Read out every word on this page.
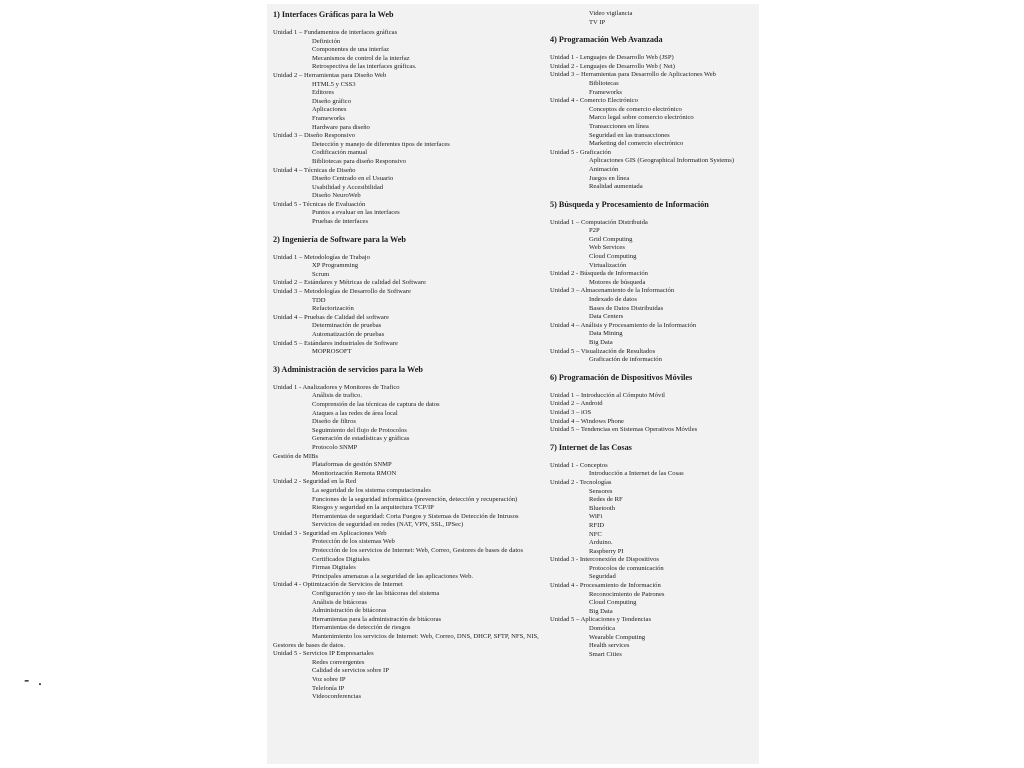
- .
1) Interfaces Gráficas para la Web
Unidad 1 – Fundamentos de interfaces gráficas
Definición
Componentes de una interfaz
Mecanismos de control de la interfaz
Retrospectiva de las interfaces gráficas.
Unidad 2 – Herramientas para Diseño Web
HTML5 y CSS3
Editores
Diseño gráfico
Aplicaciones
Frameworks
Hardware para diseño
Unidad 3 – Diseño Responsivo
Detección y manejo de diferentes tipos de interfaces
Codificación manual
Bibliotecas para diseño Responsivo
Unidad 4 – Técnicas de Diseño
Diseño Centrado en el Usuario
Usabilidad y Accesibilidad
Diseño NeuroWeb
Unidad 5 - Técnicas de Evaluación
Puntos a evaluar en las interfaces
Pruebas de interfaces
2) Ingeniería de Software para la Web
Unidad 1 – Metodologías de Trabajo
XP Programming
Scrum
Unidad 2 – Estándares y Métricas de calidad del Software
Unidad 3 – Metodologías de Desarrollo de Software
TDD
Refactorización
Unidad 4 – Pruebas de Calidad del software
Determinación de pruebas
Automatización de pruebas
Unidad 5 – Estándares industriales de Software
MOPROSOFT
3) Administración de servicios para la Web
Unidad 1 - Analizadores y Monitores de Trafico
Análisis de trafico.
Comprensión de las técnicas de captura de datos
Ataques a las redes de área local
Diseño de filtros
Seguimiento del flujo de Protocolos
Generación de estadísticas y gráficas
Protocolo SNMP
Gestión de MIBs
Plataformas de gestión SNMP
Monitorización Remota RMON
Unidad 2 - Seguridad en la Red
La seguridad de los sistema computacionales
Funciones de la seguridad informática (prevención, detección y recuperación)
Riesgos y seguridad en la arquitectura TCP/IP
Herramientas de seguridad: Corta Fuegos y Sistemas de Detección de Intrusos
Servicios de seguridad en redes (NAT, VPN, SSL, IPSec)
Unidad 3 - Seguridad en Aplicaciones Web
Protección de los sistemas Web
Protección de los servicios de Internet: Web, Correo, Gestores de bases de datos
Certificados Digitales
Firmas Digitales
Principales amenazas a la seguridad de las aplicaciones Web.
Unidad 4 - Optimización de Servicios de Internet
Configuración y uso de las bitácoras del sistema
Análisis de bitácoras
Administración de bitácoras
Herramientas para la administración de bitácoras
Herramientas de detección de riesgos
Mantenimiento los servicios de Internet: Web, Correo, DNS, DHCP, SFTP, NFS, NIS, Gestores de bases de datos.
Unidad 5 - Servicios IP Empresariales
Redes convergentes
Calidad de servicios sobre IP
Voz sobre IP
Telefonía IP
Videoconferencias
Video vigilancia
TV IP
4) Programación Web Avanzada
Unidad 1 - Lenguajes de Desarrollo Web (JSP)
Unidad 2 - Lenguajes de Desarrollo Web ( Net)
Unidad 3 – Herramientas para Desarrollo de Aplicaciones Web
Bibliotecas
Frameworks
Unidad 4 - Comercio Electrónico
Conceptos de comercio electrónico
Marco legal sobre comercio electrónico
Transacciones en línea
Seguridad en las transacciones
Marketing del comercio electrónico
Unidad 5 - Graficación
Aplicaciones GIS (Geographical Information Systems)
Animación
Juegos en línea
Realidad aumentada
5) Búsqueda y Procesamiento de Información
Unidad 1 – Computación Distribuida
P2P
Grid Computing
Web Services
Cloud Computing
Virtualización
Unidad 2 - Búsqueda de Información
Motores de búsqueda
Unidad 3 – Almacenamiento de la Información
Indexado de datos
Bases de Datos Distribuidas
Data Centers
Unidad 4 – Análisis y Procesamiento de la Información
Data Mining
Big Data
Unidad 5 – Visualización de Resultados
Graficación de información
6) Programación de Dispositivos Móviles
Unidad 1 – Introducción al Cómputo Móvil
Unidad 2 – Android
Unidad 3 – iOS
Unidad 4 – Windows Phone
Unidad 5 – Tendencias en Sistemas Operativos Móviles
7) Internet de las Cosas
Unidad 1 - Conceptos
Introducción a Internet de las Cosas
Unidad 2 - Tecnologías
Sensores
Redes de RF
Bluetooth
WiFi
RFID
NFC
Arduino.
Raspberry PI
Unidad 3 - Interconexión de Dispositivos
Protocolos de comunicación
Seguridad
Unidad 4 - Procesamiento de Información
Reconocimiento de Patrones
Cloud Computing
Big Data
Unidad 5 – Aplicaciones y Tendencias
Domótica
Wearable Computing
Health services
Smart Cities
